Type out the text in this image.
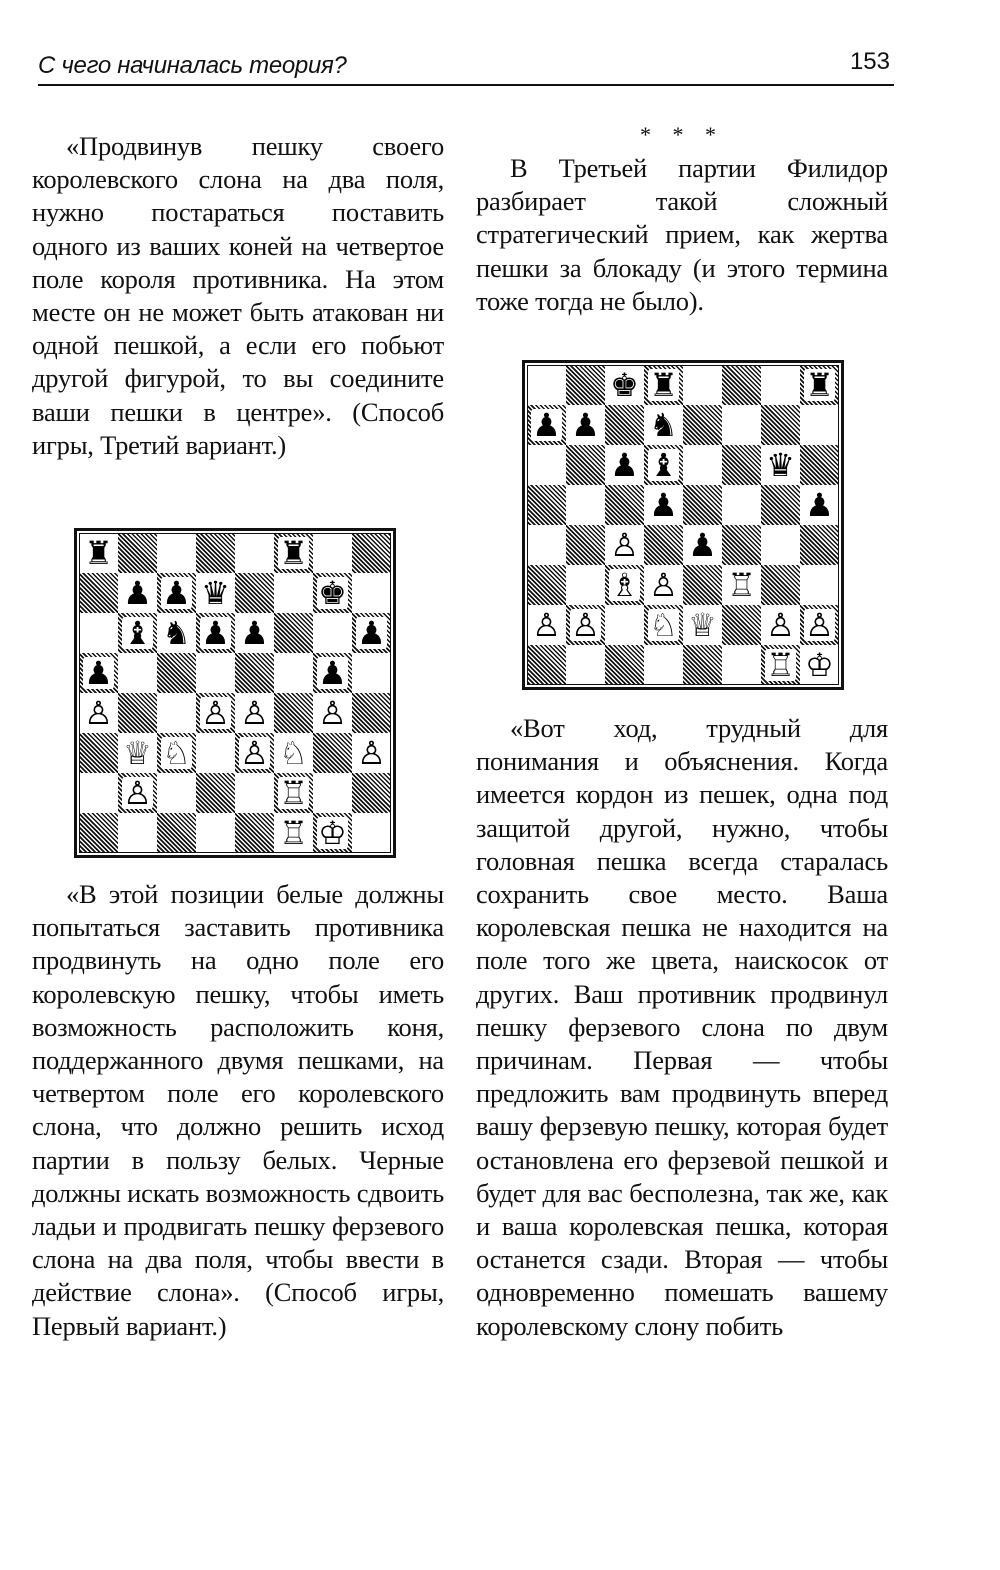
С чего начиналась теория?	153

«Продвинув пешку своего королевского слона на два поля, нужно постараться поставить одного из ваших коней на четвертое поле короля противника. На этом месте он не может быть атакован ни одной пешкой, а если его побьют другой фигурой, то вы соедините ваши пешки в центре». (Способ игры, Третий вариант.)

♜	♜
♟ ♟ ♛	♚
♝ ♞ ♟ ♟	♟
♟	♟
♙	♙ ♙ ♙
♕ ♘ ♙ ♘ ♙
♙	♖
♖ ♔

«В этой позиции белые должны попытаться заставить противника продвинуть на одно поле его королевскую пешку, чтобы иметь возможность расположить коня, поддержанного двумя пешками, на четвертом поле его королевского слона, что должно решить исход партии в пользу белых. Черные должны искать возможность сдвоить ладьи и продвигать пешку ферзевого слона на два поля, чтобы ввести в действие слона». (Способ игры, Первый вариант.)

* * *

В Третьей партии Филидор разбирает такой сложный стратегический прием, как жертва пешки за блокаду (и этого термина тоже тогда не было).

♚ ♜	♜
♟ ♟ ♞
♟ ♝	♛
♟	♟
♙ ♟
♗ ♙ ♖
♙ ♙ ♘ ♕ ♙ ♙
♖ ♔

«Вот ход, трудный для понимания и объяснения. Когда имеется кордон из пешек, одна под защитой другой, нужно, чтобы головная пешка всегда старалась сохранить свое место. Ваша королевская пешка не находится на поле того же цвета, наискосок от других. Ваш противник продвинул пешку ферзевого слона по двум причинам. Первая — чтобы предложить вам продвинуть вперед вашу ферзевую пешку, которая будет остановлена его ферзевой пешкой и будет для вас бесполезна, так же, как и ваша королевская пешка, которая останется сзади. Вторая — чтобы одновременно помешать вашему королевскому слону побить
